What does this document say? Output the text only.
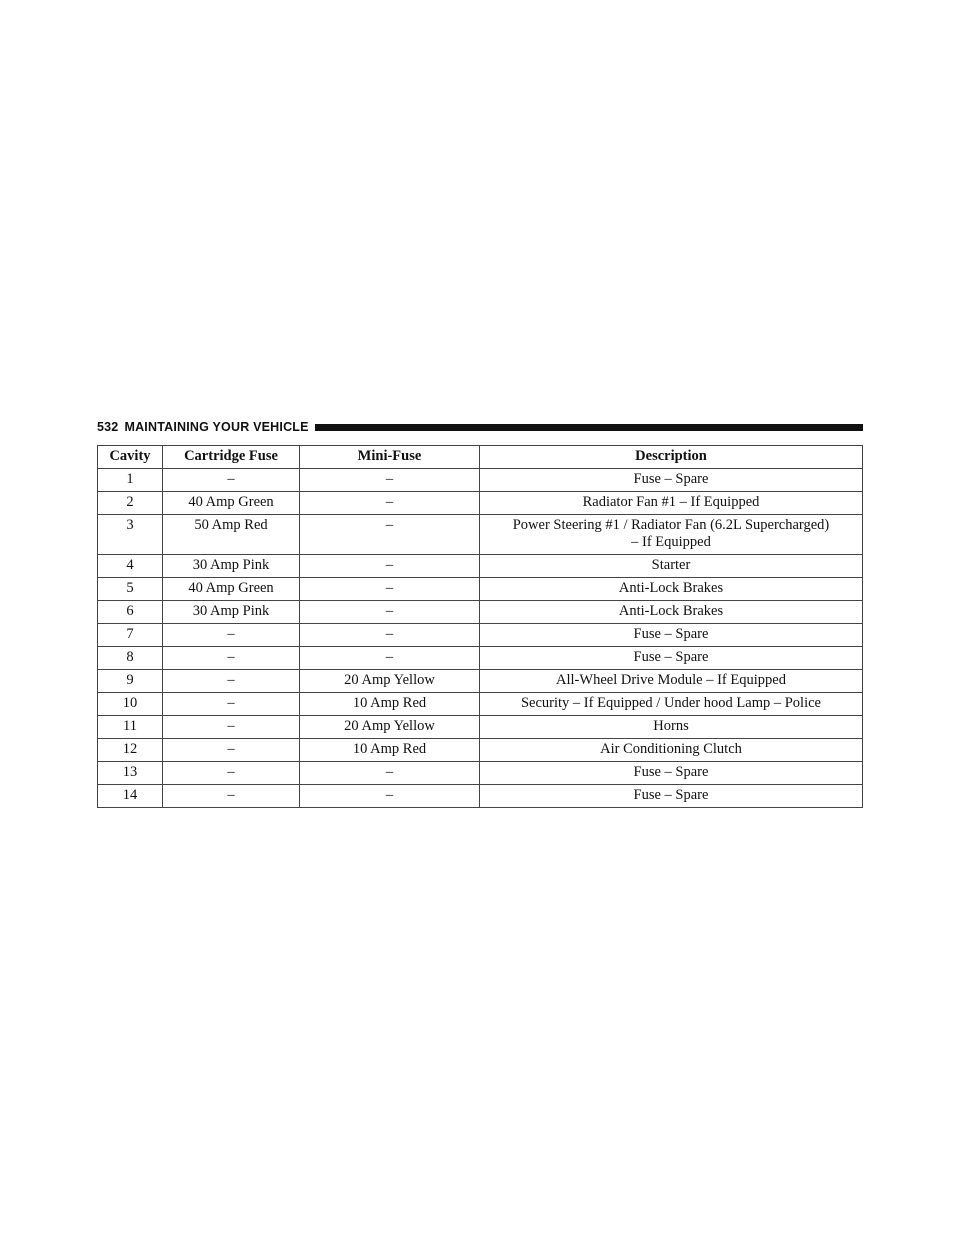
532 MAINTAINING YOUR VEHICLE
Cavity	Cartridge Fuse	Mini-Fuse	Description
1	–	–	Fuse – Spare
2	40 Amp Green	–	Radiator Fan #1 – If Equipped
3	50 Amp Red	–	Power Steering #1 / Radiator Fan (6.2L Supercharged)
– If Equipped

4	30 Amp Pink	–	Starter
5	40 Amp Green	–	Anti-Lock Brakes
6	30 Amp Pink	–	Anti-Lock Brakes
7	–	–	Fuse – Spare
8	–	–	Fuse – Spare
9	–	20 Amp Yellow	All-Wheel Drive Module – If Equipped
10	–	10 Amp Red	Security – If Equipped / Under hood Lamp – Police
11	–	20 Amp Yellow	Horns
12	–	10 Amp Red	Air Conditioning Clutch
13	–	–	Fuse – Spare
14	–	–	Fuse – Spare
